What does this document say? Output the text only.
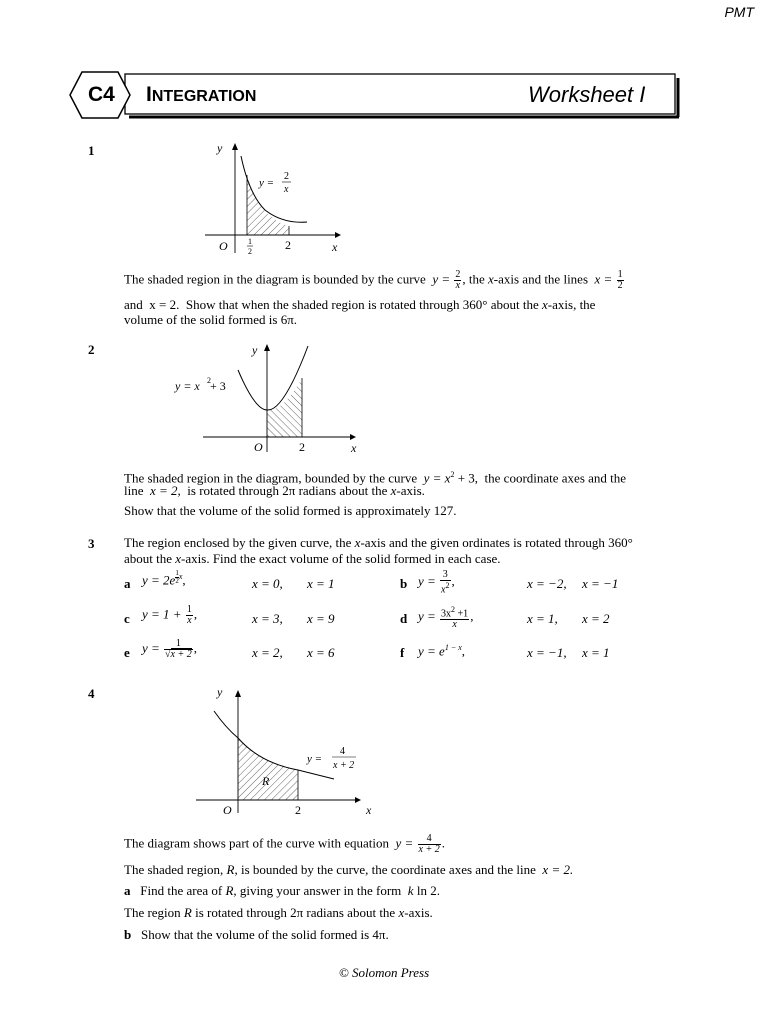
PMT
C4 INTEGRATION	Worksheet I
1	y
x
O	1
2	2
y =
2
x
The shaded region in the diagram is bounded by the curve $y = \frac{2}{x}$ , the x-axis and the lines $x = \frac{1}{2}$
and x = 2. Show that when the shaded region is rotated through 360° about the x-axis, the
volume of the solid formed is 6π.
2	y
x
O	2
y = x 2 + 3
The shaded region in the diagram, bounded by the curve $y = x^2 + 3$, the coordinate axes and the
line x = 2, is rotated through 2π radians about the x-axis.
Show that the volume of the solid formed is approximately 127.
3 The region enclosed by the given curve, the x-axis and the given ordinates is rotated through 360°
about the x-axis. Find the exact volume of the solid formed in each case.
a $y = 2e \frac{1}{2} ^x$,	x = 0, x = 1	b $y = \frac{3}{x^2}$ ,	x = −2, x = −1
c $y = 1 + \frac{1}{x}$ ,	x = 3, x = 9	d $y = \frac{3x^2 +1}{x}$ ,	x = 1, x = 2
e $y = \frac{1}{√x + 2}$ ,	x = 2, x = 6	f $y = e^{1 - x}$,	x = −1, x = 1
4	y
x
O	2
R
y =
4
x + 2
The diagram shows part of the curve with equation $y = \frac{4}{x + 2}$ .
The shaded region, R, is bounded by the curve, the coordinate axes and the line x = 2.
a Find the area of R, giving your answer in the form k ln 2.
The region R is rotated through 2π radians about the x-axis.
b Show that the volume of the solid formed is 4π.
© Solomon Press
